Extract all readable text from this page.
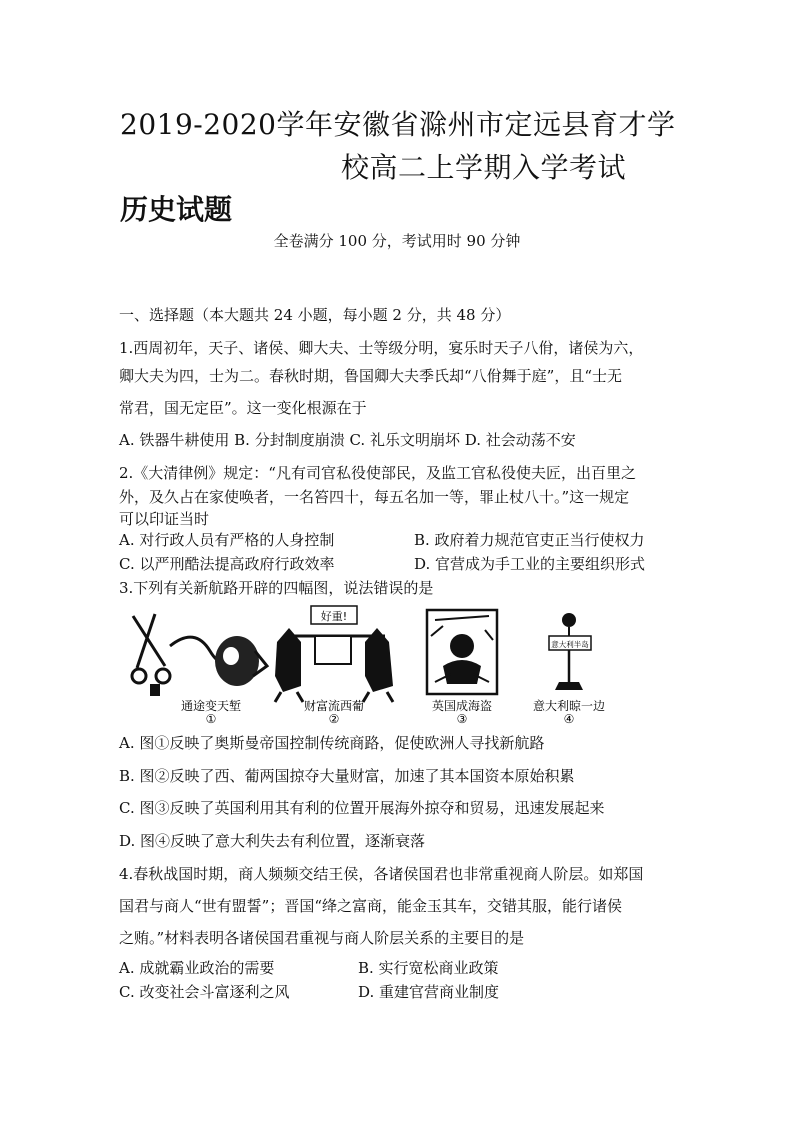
2019-2020学年安徽省滁州市定远县育才学
校高二上学期入学考试
历史试题
全卷满分 100 分，考试用时 90 分钟
一、选择题（本大题共 24 小题，每小题 2 分，共 48 分）
1.西周初年，天子、诸侯、卿大夫、士等级分明，宴乐时天子八佾，诸侯为六，
卿大夫为四，士为二。春秋时期，鲁国卿大夫季氏却“八佾舞于庭”，且“士无
常君，国无定臣”。这一变化根源在于
A. 铁器牛耕使用 B. 分封制度崩溃 C. 礼乐文明崩坏 D. 社会动荡不安
2.《大清律例》规定：“凡有司官私役使部民，及监工官私役使夫匠，出百里之
外，及久占在家使唤者，一名笞四十，每五名加一等，罪止杖八十。”这一规定
可以印证当时
A. 对行政人员有严格的人身控制	B. 政府着力规范官吏正当行使权力
C. 以严刑酷法提高政府行政效率	D. 官营成为手工业的主要组织形式
3.下列有关新航路开辟的四幅图，说法错误的是
通途变天堑
①
好重!
财富流西葡
②
英国成海盗
③
意大利半岛
意大利晾一边
④
A. 图①反映了奥斯曼帝国控制传统商路，促使欧洲人寻找新航路
B. 图②反映了西、葡两国掠夺大量财富，加速了其本国资本原始积累
C. 图③反映了英国利用其有利的位置开展海外掠夺和贸易，迅速发展起来
D. 图④反映了意大利失去有利位置，逐渐衰落
4.春秋战国时期，商人频频交结王侯，各诸侯国君也非常重视商人阶层。如郑国
国君与商人“世有盟誓”；晋国“绛之富商，能金玉其车，交错其服，能行诸侯
之贿。”材料表明各诸侯国君重视与商人阶层关系的主要目的是
A. 成就霸业政治的需要	B. 实行宽松商业政策
C. 改变社会斗富逐利之风	D. 重建官营商业制度
